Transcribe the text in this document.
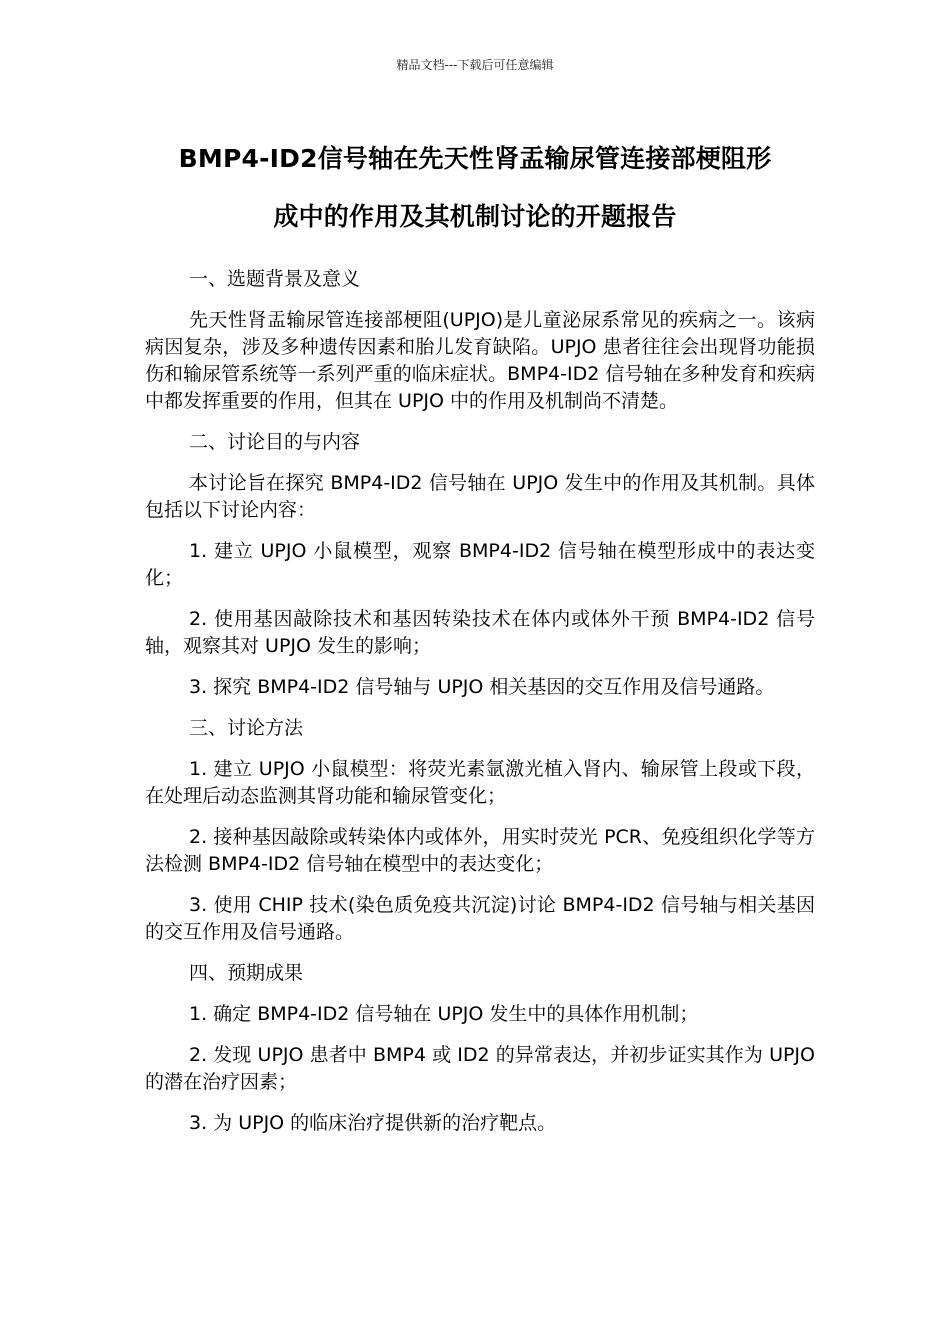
精品文档---下载后可任意编辑
BMP4-ID2信号轴在先天性肾盂输尿管连接部梗阻形
成中的作用及其机制讨论的开题报告

一、选题背景及意义

先天性肾盂输尿管连接部梗阻(UPJO)是儿童泌尿系常见的疾病之一。该病病因复杂，涉及多种遗传因素和胎儿发育缺陷。UPJO 患者往往会出现肾功能损伤和输尿管系统等一系列严重的临床症状。BMP4-ID2 信号轴在多种发育和疾病中都发挥重要的作用，但其在 UPJO 中的作用及机制尚不清楚。

二、讨论目的与内容

本讨论旨在探究 BMP4-ID2 信号轴在 UPJO 发生中的作用及其机制。具体包括以下讨论内容：

1. 建立 UPJO 小鼠模型，观察 BMP4-ID2 信号轴在模型形成中的表达变化；

2. 使用基因敲除技术和基因转染技术在体内或体外干预 BMP4-ID2 信号轴，观察其对 UPJO 发生的影响；

3. 探究 BMP4-ID2 信号轴与 UPJO 相关基因的交互作用及信号通路。

三、讨论方法

1. 建立 UPJO 小鼠模型：将荧光素氩激光植入肾内、输尿管上段或下段，在处理后动态监测其肾功能和输尿管变化；

2. 接种基因敲除或转染体内或体外，用实时荧光 PCR、免疫组织化学等方法检测 BMP4-ID2 信号轴在模型中的表达变化；

3. 使用 CHIP 技术(染色质免疫共沉淀)讨论 BMP4-ID2 信号轴与相关基因的交互作用及信号通路。

四、预期成果

1. 确定 BMP4-ID2 信号轴在 UPJO 发生中的具体作用机制；

2. 发现 UPJO 患者中 BMP4 或 ID2 的异常表达，并初步证实其作为 UPJO 的潜在治疗因素；

3. 为 UPJO 的临床治疗提供新的治疗靶点。
